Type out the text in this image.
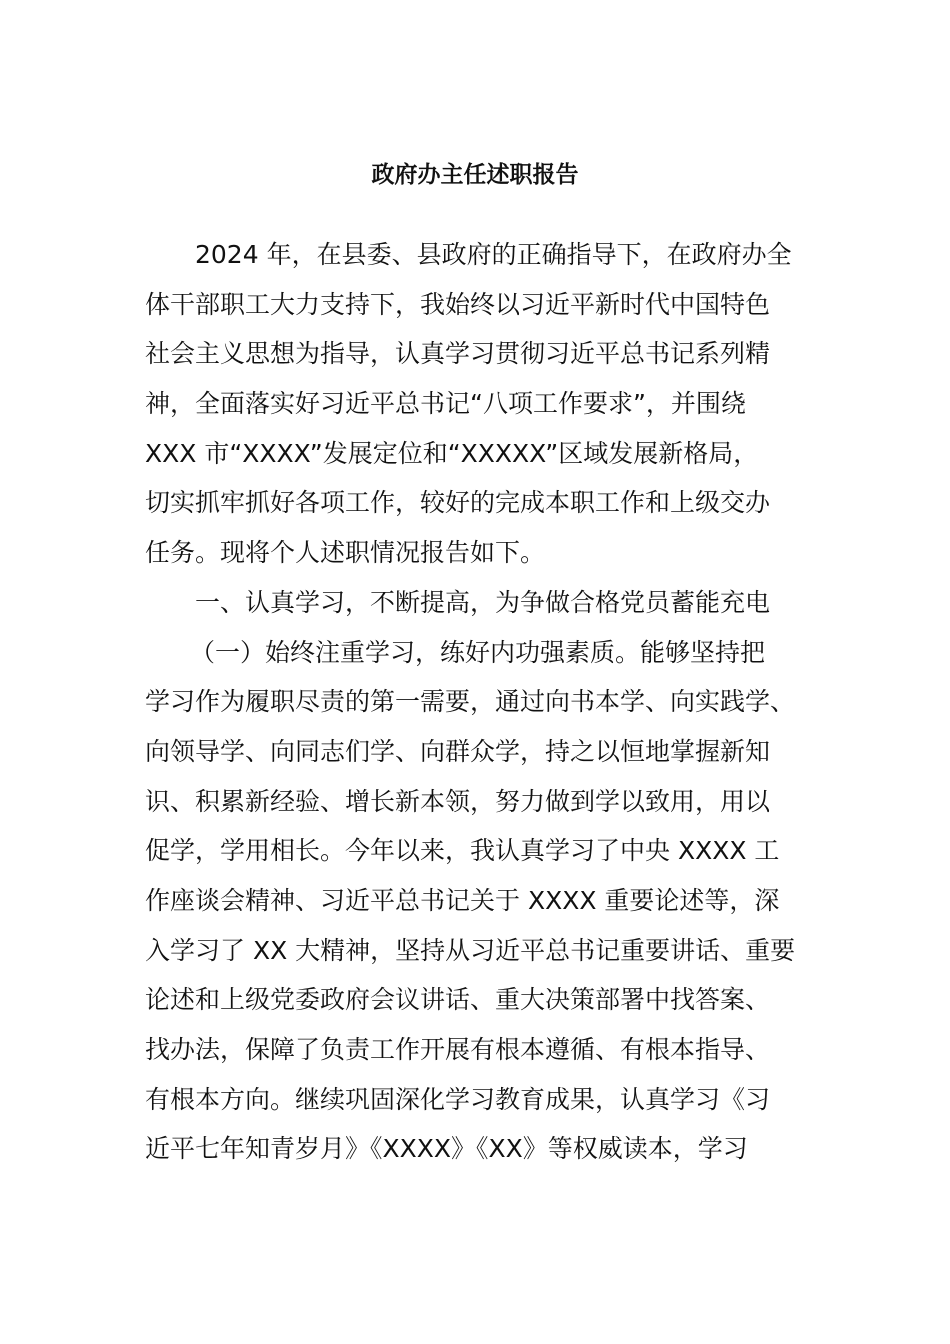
政府办主任述职报告
2024 年，在县委、县政府的正确指导下，在政府办全
体干部职工大力支持下，我始终以习近平新时代中国特色
社会主义思想为指导，认真学习贯彻习近平总书记系列精
神，全面落实好习近平总书记“八项工作要求”，并围绕
XXX 市“XXXX”发展定位和“XXXXX”区域发展新格局，
切实抓牢抓好各项工作，较好的完成本职工作和上级交办
任务。现将个人述职情况报告如下。
一、认真学习，不断提高，为争做合格党员蓄能充电
（一）始终注重学习，练好内功强素质。能够坚持把
学习作为履职尽责的第一需要，通过向书本学、向实践学、
向领导学、向同志们学、向群众学，持之以恒地掌握新知
识、积累新经验、增长新本领，努力做到学以致用，用以
促学，学用相长。今年以来，我认真学习了中央 XXXX 工
作座谈会精神、习近平总书记关于 XXXX 重要论述等，深
入学习了 XX 大精神，坚持从习近平总书记重要讲话、重要
论述和上级党委政府会议讲话、重大决策部署中找答案、
找办法，保障了负责工作开展有根本遵循、有根本指导、
有根本方向。继续巩固深化学习教育成果，认真学习《习
近平七年知青岁月》《XXXX》《XX》等权威读本，学习
